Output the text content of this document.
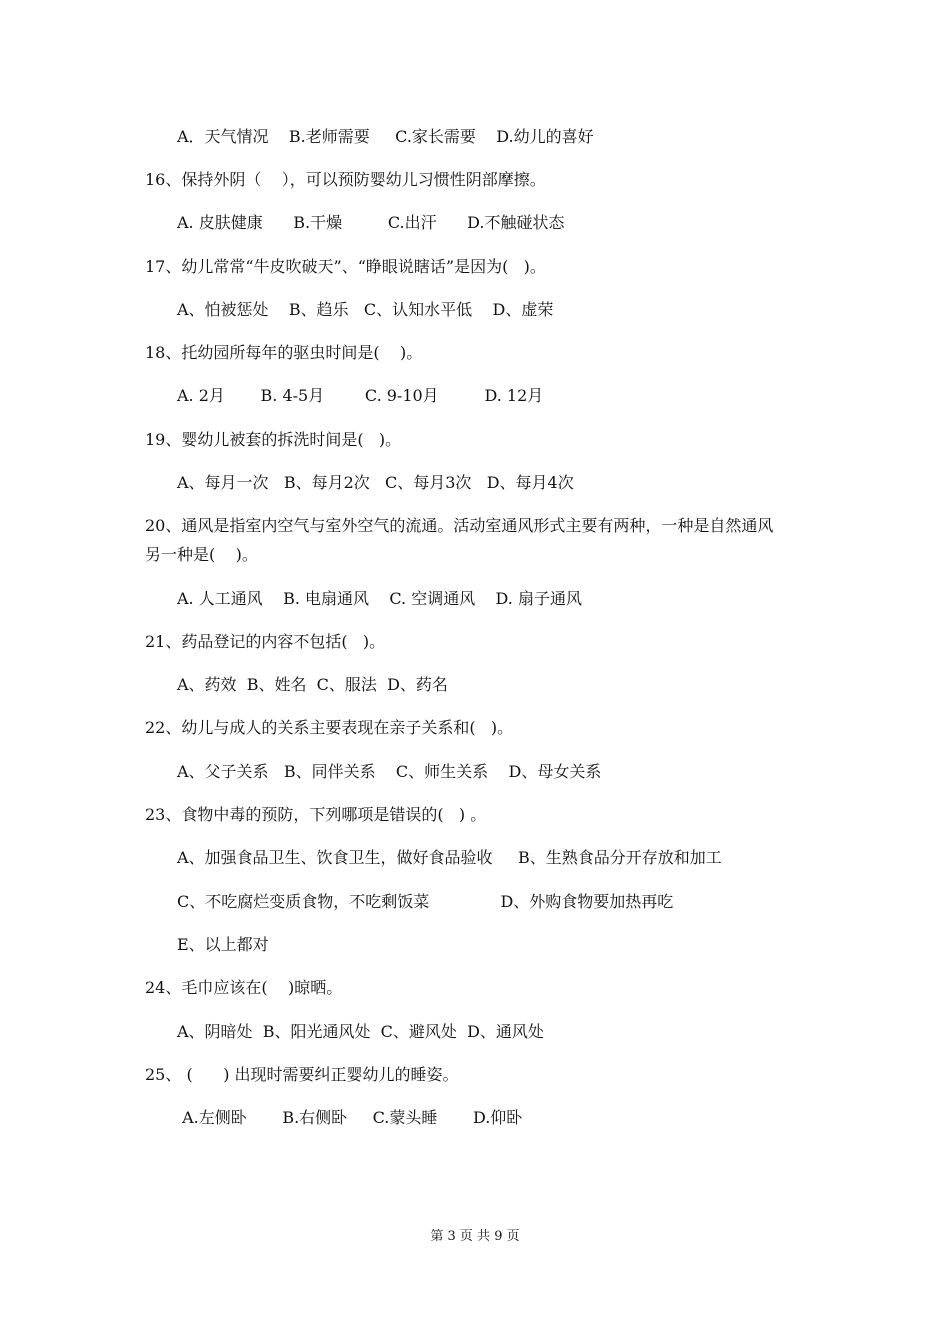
A．天气情况    B.老师需要     C.家长需要    D.幼儿的喜好
16、保持外阴（    ），可以预防婴幼儿习惯性阴部摩擦。
A. 皮肤健康      B.干燥         C.出汗      D.不触碰状态
17、幼儿常常“牛皮吹破天”、“睁眼说瞎话”是因为(   )。
A、怕被惩处    B、趋乐   C、认知水平低    D、虚荣
18、托幼园所每年的驱虫时间是(    )。
A. 2月       B. 4-5月        C. 9-10月         D. 12月
19、婴幼儿被套的拆洗时间是(   )。
A、每月一次   B、每月2次   C、每月3次   D、每月4次
20、通风是指室内空气与室外空气的流通。活动室通风形式主要有两种，一种是自然通风
另一种是(    )。
A. 人工通风    B. 电扇通风    C. 空调通风    D. 扇子通风
21、药品登记的内容不包括(   )。
A、药效  B、姓名  C、服法  D、药名
22、幼儿与成人的关系主要表现在亲子关系和(   )。
A、父子关系   B、同伴关系    C、师生关系    D、母女关系
23、食物中毒的预防，下列哪项是错误的(   ) 。
A、加强食品卫生、饮食卫生，做好食品验收     B、生熟食品分开存放和加工
C、不吃腐烂变质食物，不吃剩饭菜              D、外购食物要加热再吃
E、以上都对
24、毛巾应该在(    )晾晒。
A、阴暗处  B、阳光通风处  C、避风处  D、通风处
25、 (      ) 出现时需要纠正婴幼儿的睡姿。
A.左侧卧       B.右侧卧     C.蒙头睡       D.仰卧
第 3 页 共 9 页
